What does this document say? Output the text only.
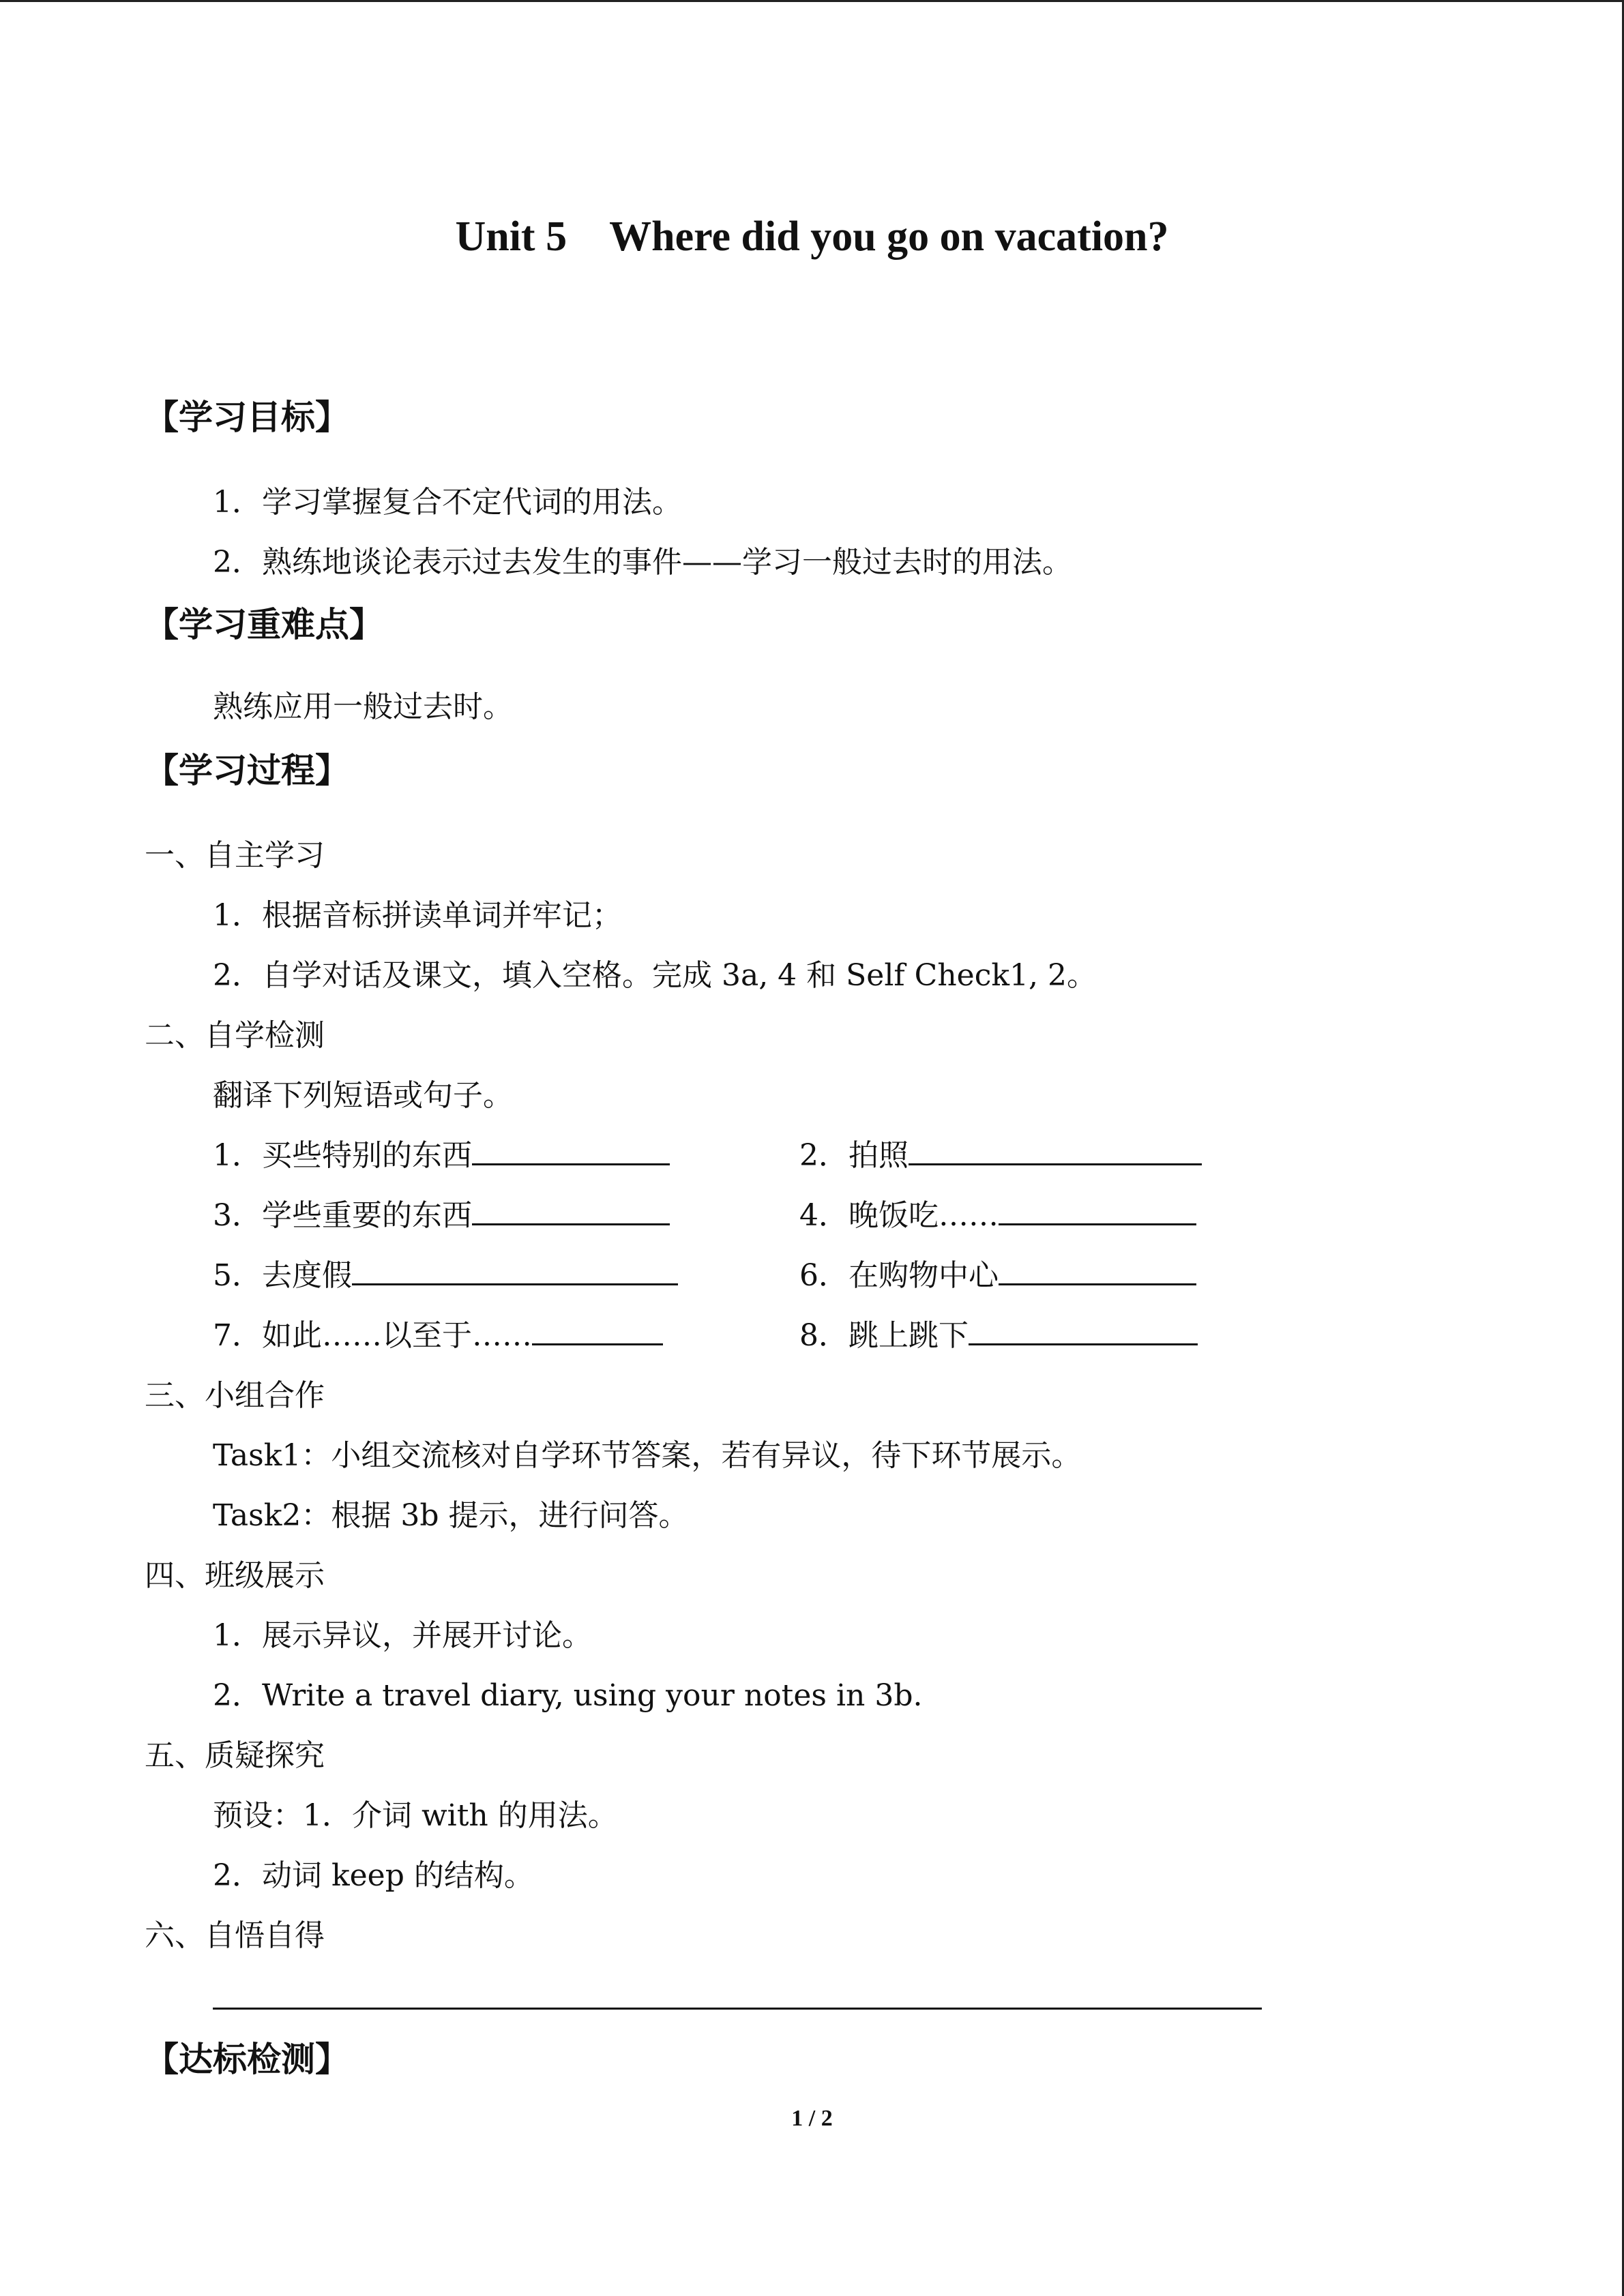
Unit 5 Where did you go on vacation?
【学习目标】
1．学习掌握复合不定代词的用法。
2．熟练地谈论表示过去发生的事件——学习一般过去时的用法。
【学习重难点】
熟练应用一般过去时。
【学习过程】
一、自主学习
1．根据音标拼读单词并牢记；
2．自学对话及课文，填入空格。完成 3a, 4 和 Self Check1, 2。
二、自学检测
翻译下列短语或句子。
1．买些特别的东西	2．拍照
3．学些重要的东西	4．晚饭吃……
5．去度假	6．在购物中心
7．如此……以至于……	8．跳上跳下
三、小组合作
Task1：小组交流核对自学环节答案，若有异议，待下环节展示。
Task2：根据 3b 提示，进行问答。
四、班级展示
1．展示异议，并展开讨论。
2．Write a travel diary, using your notes in 3b.
五、质疑探究
预设：1．介词 with 的用法。
2．动词 keep 的结构。
六、自悟自得
【达标检测】
1 / 2
